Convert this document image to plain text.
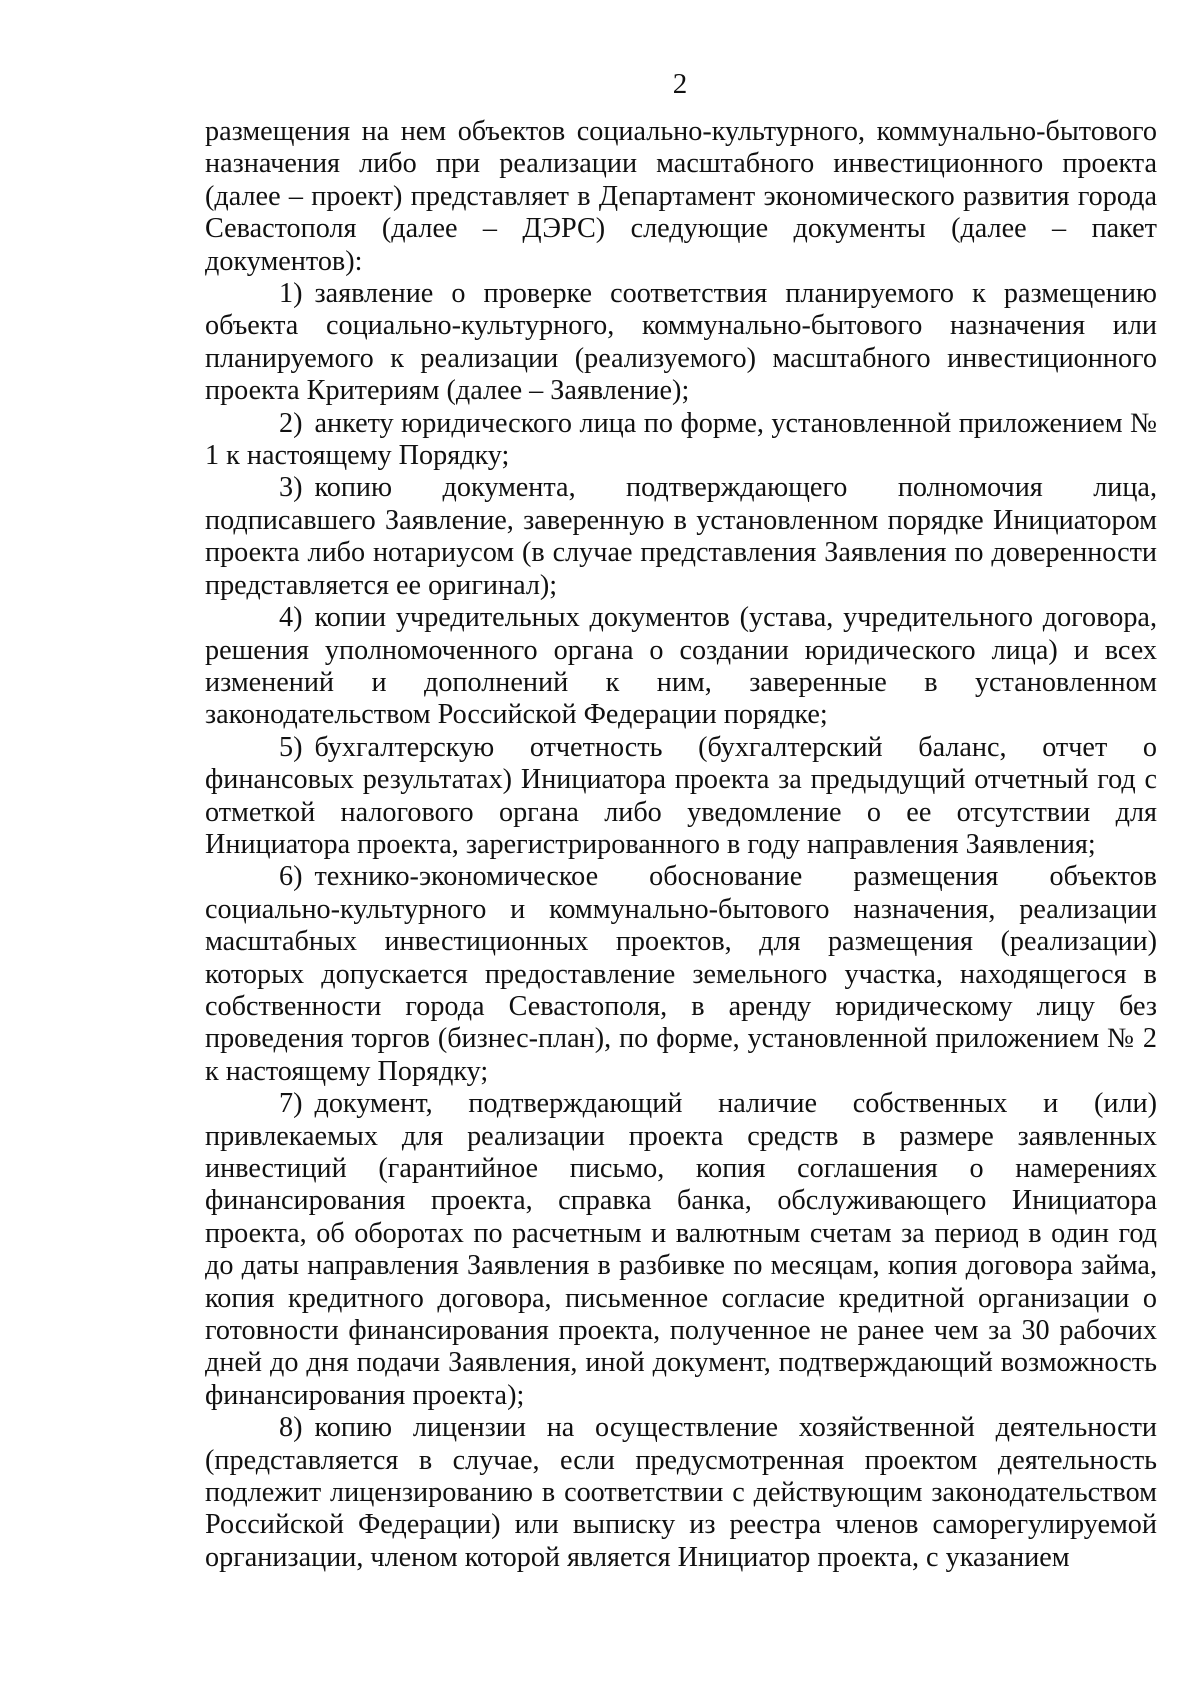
2

размещения на нем объектов социально-культурного, коммунально-бытового назначения либо при реализации масштабного инвестиционного проекта (далее – проект) представляет в Департамент экономического развития города Севастополя (далее – ДЭРС) следующие документы (далее – пакет документов):

1) заявление о проверке соответствия планируемого к размещению объекта социально-культурного, коммунально-бытового назначения или планируемого к реализации (реализуемого) масштабного инвестиционного проекта Критериям (далее – Заявление);

2) анкету юридического лица по форме, установленной приложением № 1 к настоящему Порядку;

3) копию документа, подтверждающего полномочия лица, подписавшего Заявление, заверенную в установленном порядке Инициатором проекта либо нотариусом (в случае представления Заявления по доверенности представляется ее оригинал);

4) копии учредительных документов (устава, учредительного договора, решения уполномоченного органа о создании юридического лица) и всех изменений и дополнений к ним, заверенные в установленном законодательством Российской Федерации порядке;

5) бухгалтерскую отчетность (бухгалтерский баланс, отчет о финансовых результатах) Инициатора проекта за предыдущий отчетный год с отметкой налогового органа либо уведомление о ее отсутствии для Инициатора проекта, зарегистрированного в году направления Заявления;

6) технико-экономическое обоснование размещения объектов социально-культурного и коммунально-бытового назначения, реализации масштабных инвестиционных проектов, для размещения (реализации) которых допускается предоставление земельного участка, находящегося в собственности города Севастополя, в аренду юридическому лицу без проведения торгов (бизнес-план), по форме, установленной приложением № 2 к настоящему Порядку;

7) документ, подтверждающий наличие собственных и (или) привлекаемых для реализации проекта средств в размере заявленных инвестиций (гарантийное письмо, копия соглашения о намерениях финансирования проекта, справка банка, обслуживающего Инициатора проекта, об оборотах по расчетным и валютным счетам за период в один год до даты направления Заявления в разбивке по месяцам, копия договора займа, копия кредитного договора, письменное согласие кредитной организации о готовности финансирования проекта, полученное не ранее чем за 30 рабочих дней до дня подачи Заявления, иной документ, подтверждающий возможность финансирования проекта);

8) копию лицензии на осуществление хозяйственной деятельности (представляется в случае, если предусмотренная проектом деятельность подлежит лицензированию в соответствии с действующим законодательством Российской Федерации) или выписку из реестра членов саморегулируемой организации, членом которой является Инициатор проекта, с указанием
